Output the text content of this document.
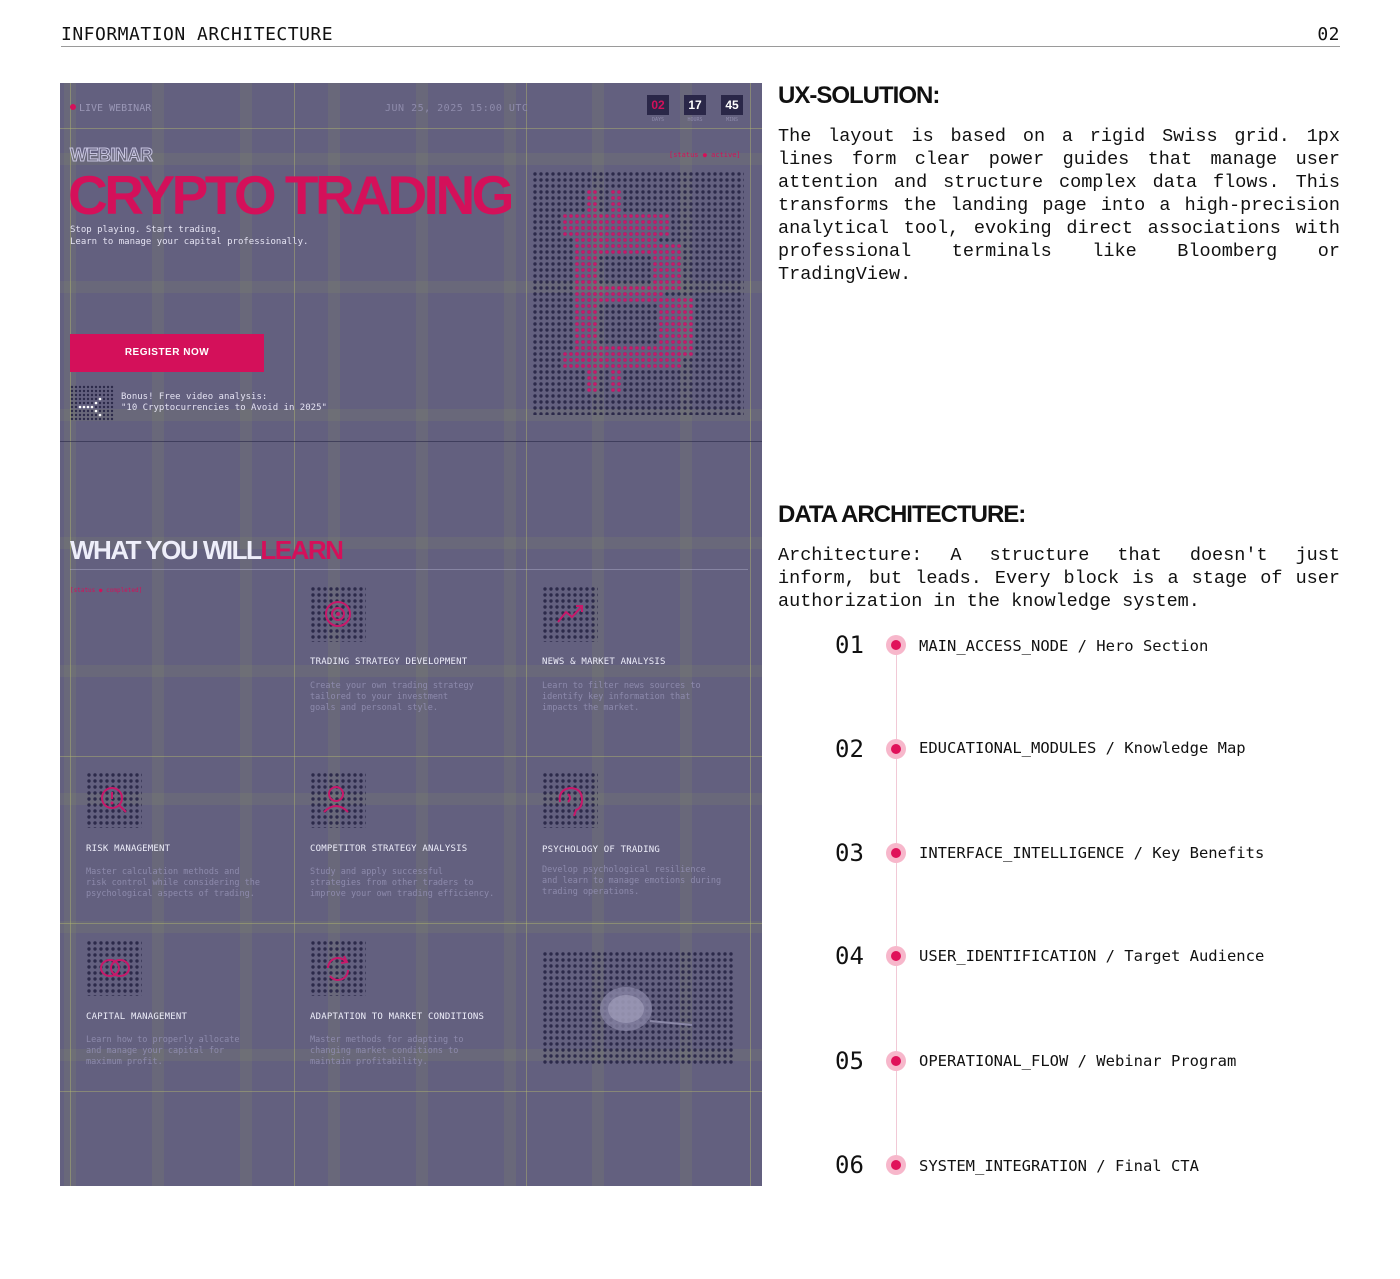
INFORMATION ARCHITECTURE	02
LIVE WEBINAR	JUN 25, 2025 15:00 UTC	02	17	45
DAYS	HOURS	MINS
[status ● active]
WEBINAR
CRYPTO TRADING
Stop playing. Start trading.
Learn to manage your capital professionally.
REGISTER NOW
Bonus! Free video analysis:
"10 Cryptocurrencies to Avoid in 2025"
WHAT YOU WILLLEARN
[status ● completed]
TRADING STRATEGY DEVELOPMENT
Create your own trading strategy
tailored to your investment
goals and personal style.
NEWS & MARKET ANALYSIS
Learn to filter news sources to
identify key information that
impacts the market.
RISK MANAGEMENT
Master calculation methods and
risk control while considering the
psychological aspects of trading.
COMPETITOR STRATEGY ANALYSIS
Study and apply successful
strategies from other traders to
improve your own trading efficiency.
PSYCHOLOGY OF TRADING
Develop psychological resilience
and learn to manage emotions during
trading operations.
CAPITAL MANAGEMENT
Learn how to properly allocate
and manage your capital for
maximum profit.
ADAPTATION TO MARKET CONDITIONS
Master methods for adapting to
changing market conditions to
maintain profitability.
UX-SOLUTION:
The layout is based on a rigid Swiss grid. 1px lines form clear power guides that manage user attention and structure complex data flows. This transforms the landing page into a high-precision analytical tool, evoking direct associations with professional terminals like Bloomberg or TradingView.
DATA ARCHITECTURE:
Architecture: A structure that doesn't just inform, but leads. Every block is a stage of user authorization in the knowledge system.
01	MAIN_ACCESS_NODE / Hero Section
02	EDUCATIONAL_MODULES / Knowledge Map
03	INTERFACE_INTELLIGENCE / Key Benefits
04	USER_IDENTIFICATION / Target Audience
05	OPERATIONAL_FLOW / Webinar Program
06	SYSTEM_INTEGRATION / Final CTA
